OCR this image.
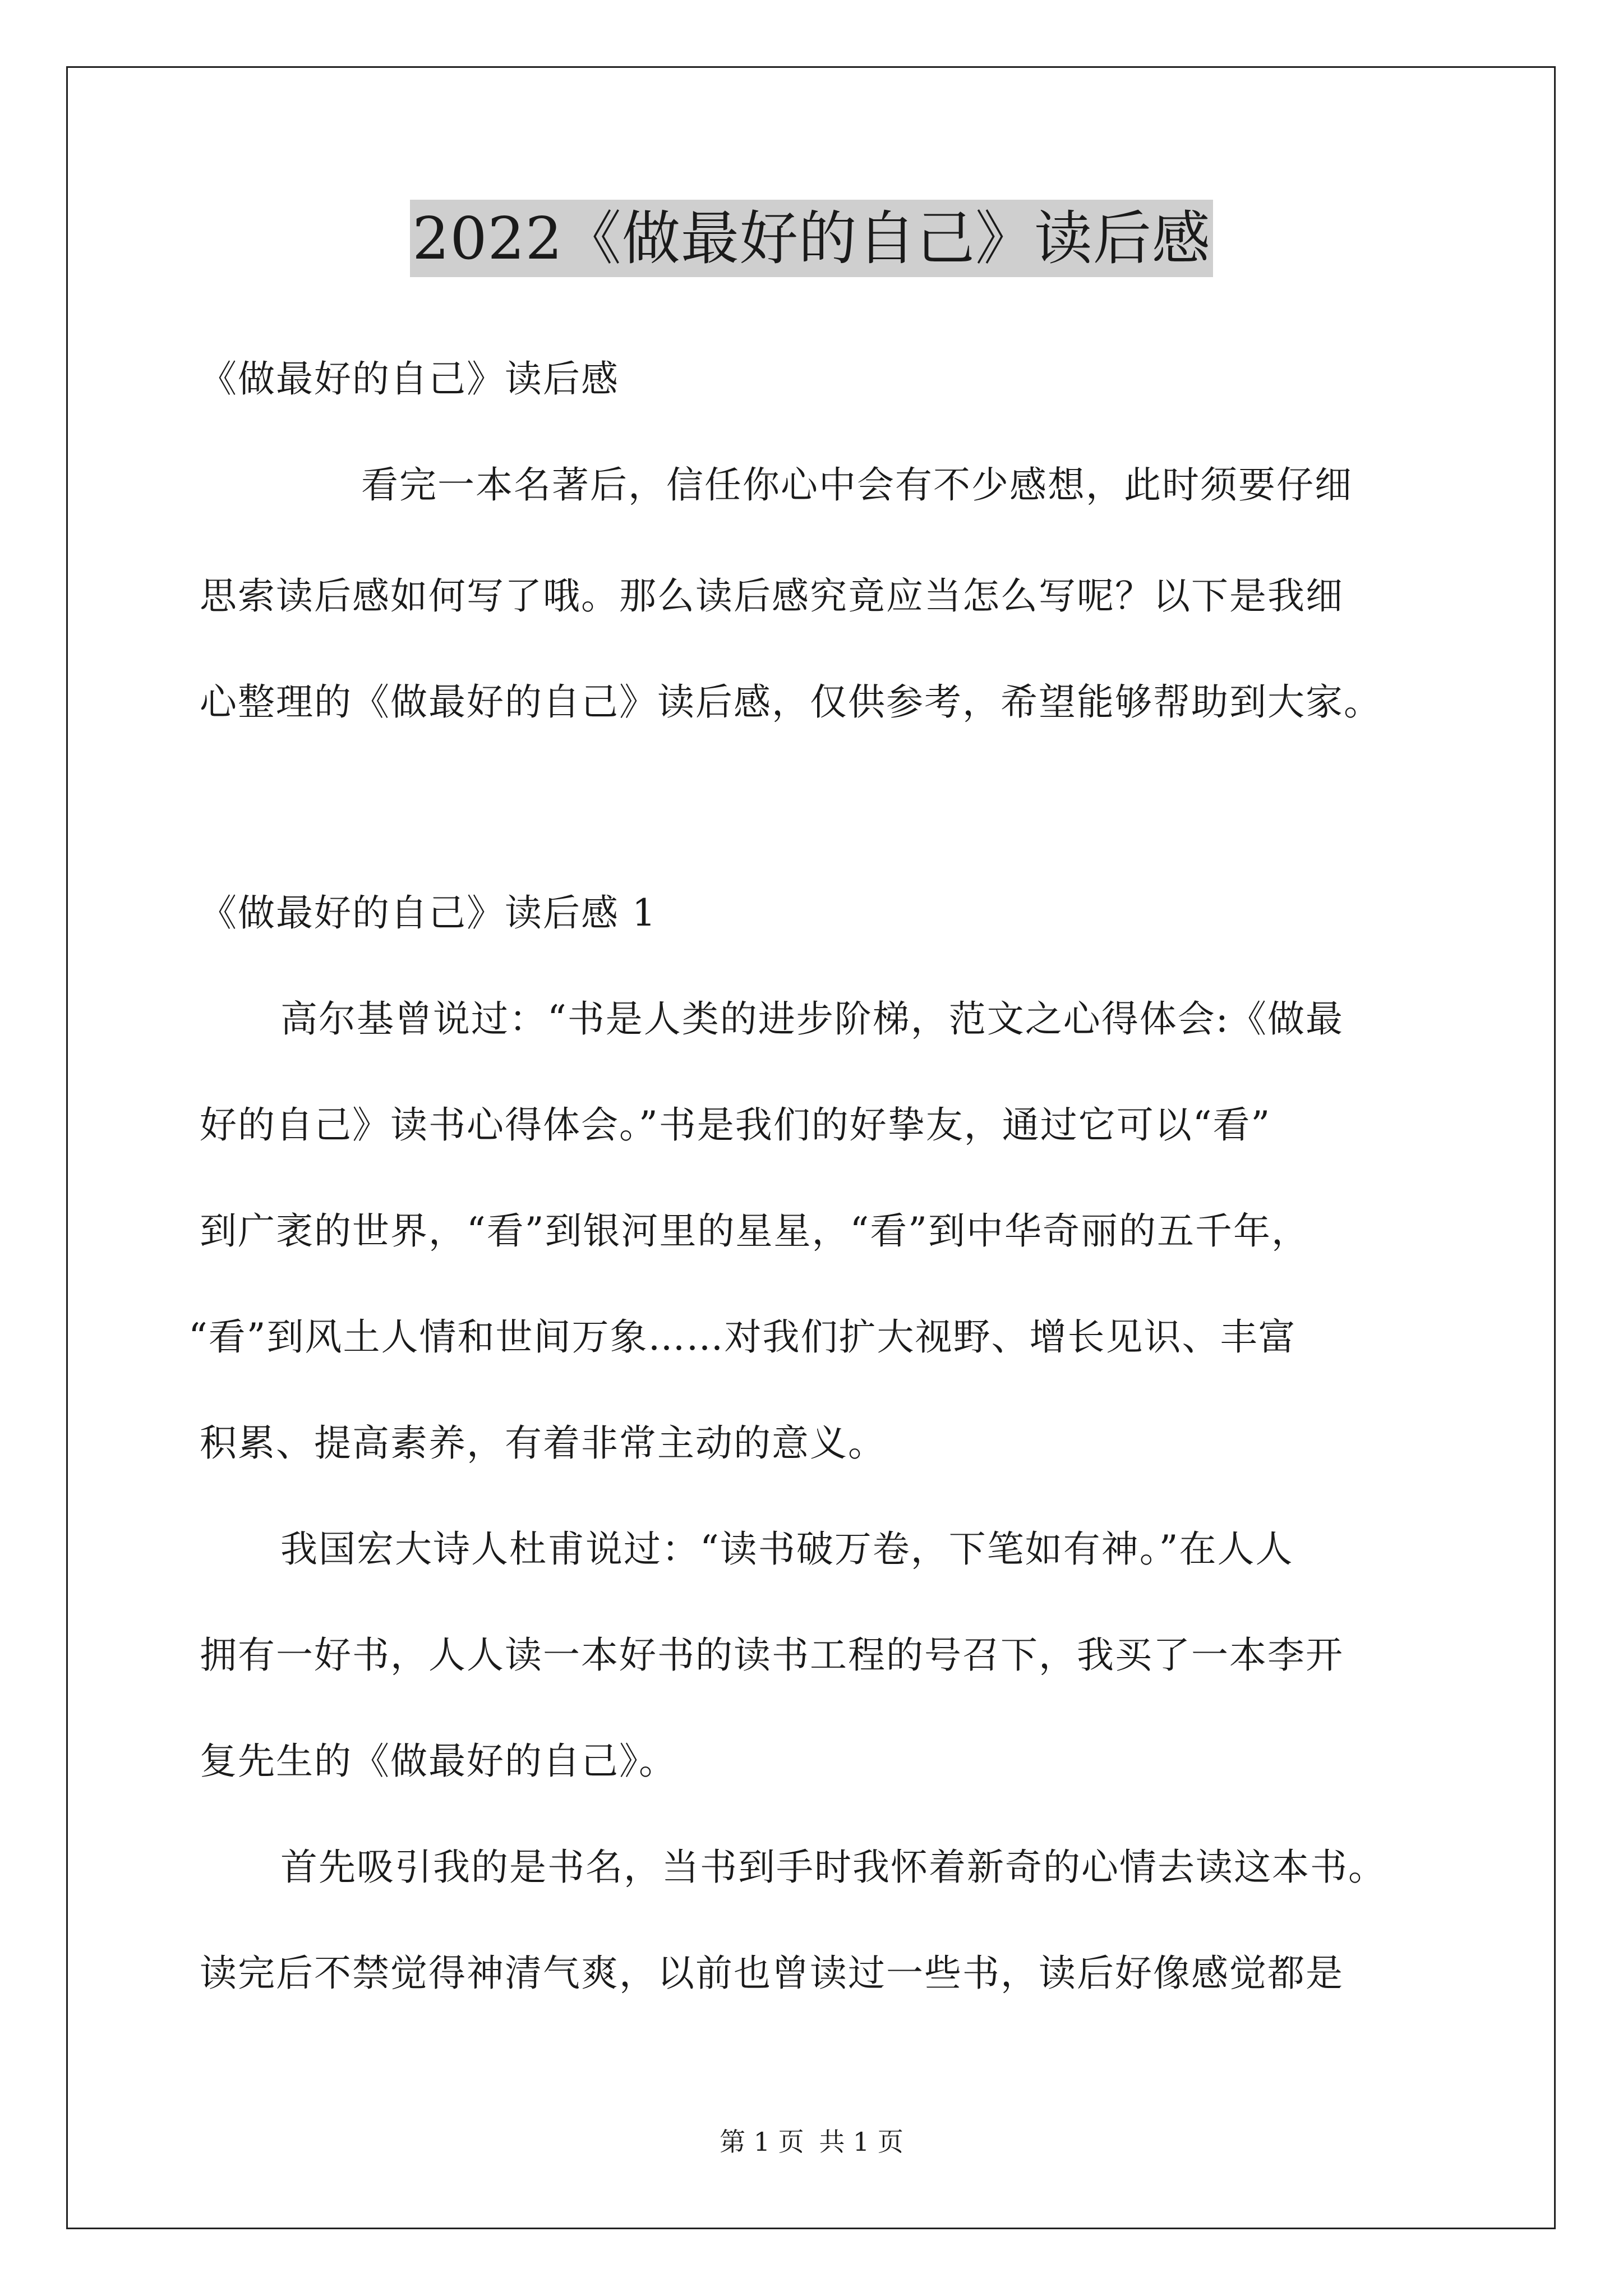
2022《做最好的自己》读后感
《做最好的自己》读后感
看完一本名著后，信任你心中会有不少感想，此时须要仔细
思索读后感如何写了哦。那么读后感究竟应当怎么写呢？以下是我细
心整理的《做最好的自己》读后感，仅供参考，希望能够帮助到大家。
《做最好的自己》读后感 1
高尔基曾说过：“书是人类的进步阶梯，范文之心得体会:《做最
好的自己》读书心得体会。”书是我们的好挚友，通过它可以“看”
到广袤的世界，“看”到银河里的星星，“看”到中华奇丽的五千年，
“看”到风土人情和世间万象……对我们扩大视野、增长见识、丰富
积累、提高素养，有着非常主动的意义。
我国宏大诗人杜甫说过：“读书破万卷，下笔如有神。”在人人
拥有一好书，人人读一本好书的读书工程的号召下，我买了一本李开
复先生的《做最好的自己》。
首先吸引我的是书名，当书到手时我怀着新奇的心情去读这本书。
读完后不禁觉得神清气爽，以前也曾读过一些书，读后好像感觉都是
第 1 页 共 1 页
